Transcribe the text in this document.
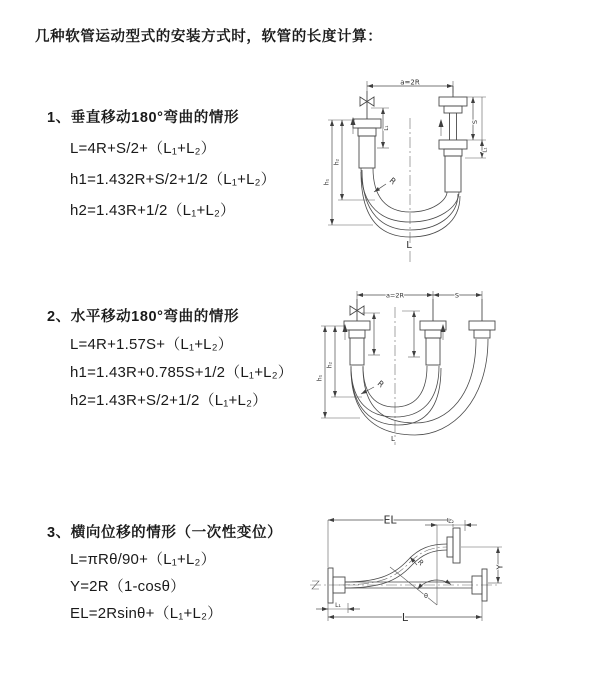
几种软管运动型式的安装方式时，软管的长度计算：
1、垂直移动180°弯曲的情形
L=4R+S/2+（L₁+L₂）
h1=1.432R+S/2+1/2（L₁+L₂）
h2=1.43R+1/2（L₁+L₂）
2、水平移动180°弯曲的情形
L=4R+1.57S+（L₁+L₂）
h1=1.43R+0.785S+1/2（L₁+L₂）
h2=1.43R+S/2+1/2（L₁+L₂）
3、横向位移的情形（一次性变位）
L=πRθ/90+（L₁+L₂）
Y=2R（1-cosθ）
EL=2Rsinθ+（L₁+L₂）
a=2R
S
L₁
L₁
h₁
h₂
R
L
a=2R	S
h₁
h₂
R
L
EL	L₂
Y
R
θ
L
L₁
